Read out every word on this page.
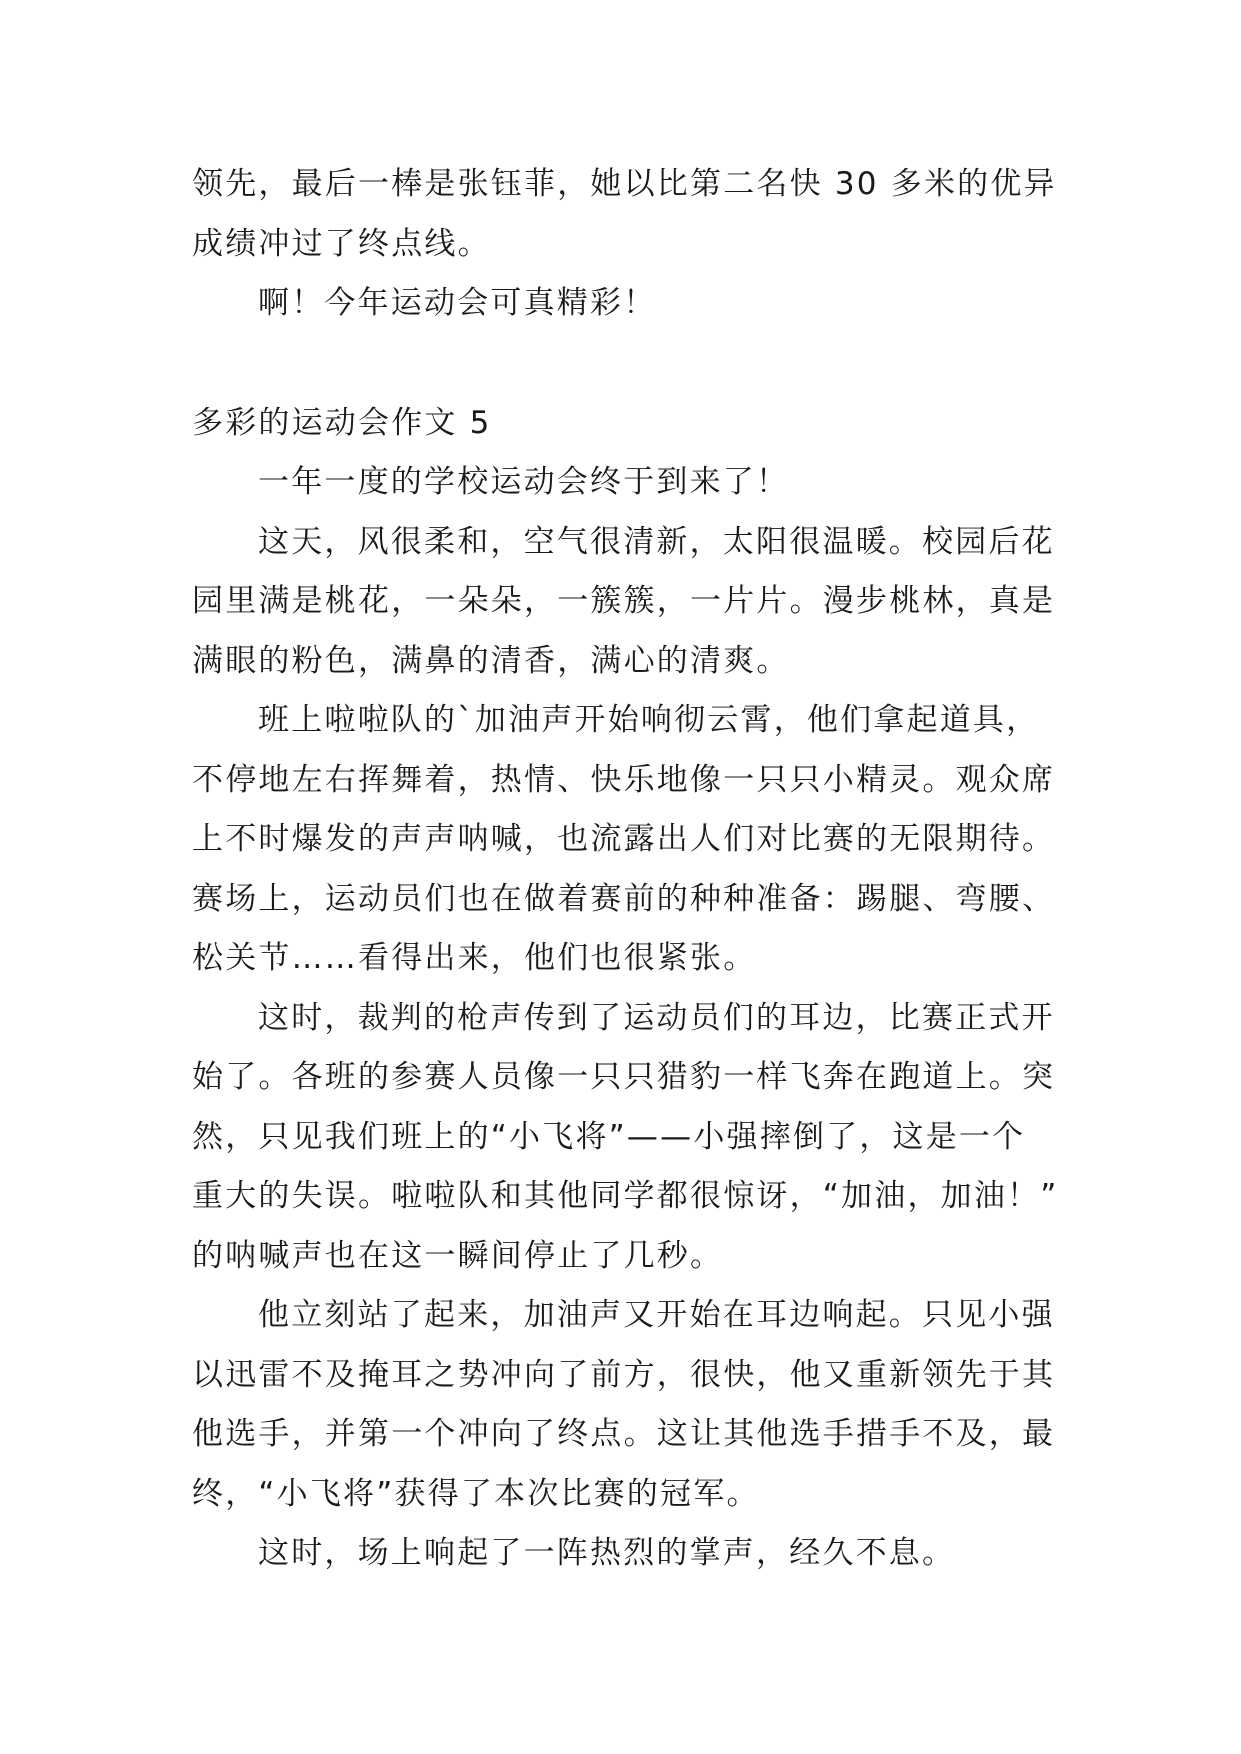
领先，最后一棒是张钰菲，她以比第二名快 30 多米的优异
成绩冲过了终点线。
啊！今年运动会可真精彩！
多彩的运动会作文 5
一年一度的学校运动会终于到来了！
这天，风很柔和，空气很清新，太阳很温暖。校园后花
园里满是桃花，一朵朵，一簇簇，一片片。漫步桃林，真是
满眼的粉色，满鼻的清香，满心的清爽。
班上啦啦队的`加油声开始响彻云霄，他们拿起道具，
不停地左右挥舞着，热情、快乐地像一只只小精灵。观众席
上不时爆发的声声呐喊，也流露出人们对比赛的无限期待。
赛场上，运动员们也在做着赛前的种种准备：踢腿、弯腰、
松关节……看得出来，他们也很紧张。
这时，裁判的枪声传到了运动员们的耳边，比赛正式开
始了。各班的参赛人员像一只只猎豹一样飞奔在跑道上。突
然，只见我们班上的“小飞将”——小强摔倒了，这是一个
重大的失误。啦啦队和其他同学都很惊讶，“加油，加油！”
的呐喊声也在这一瞬间停止了几秒。
他立刻站了起来，加油声又开始在耳边响起。只见小强
以迅雷不及掩耳之势冲向了前方，很快，他又重新领先于其
他选手，并第一个冲向了终点。这让其他选手措手不及，最
终，“小飞将”获得了本次比赛的冠军。
这时，场上响起了一阵热烈的掌声，经久不息。
